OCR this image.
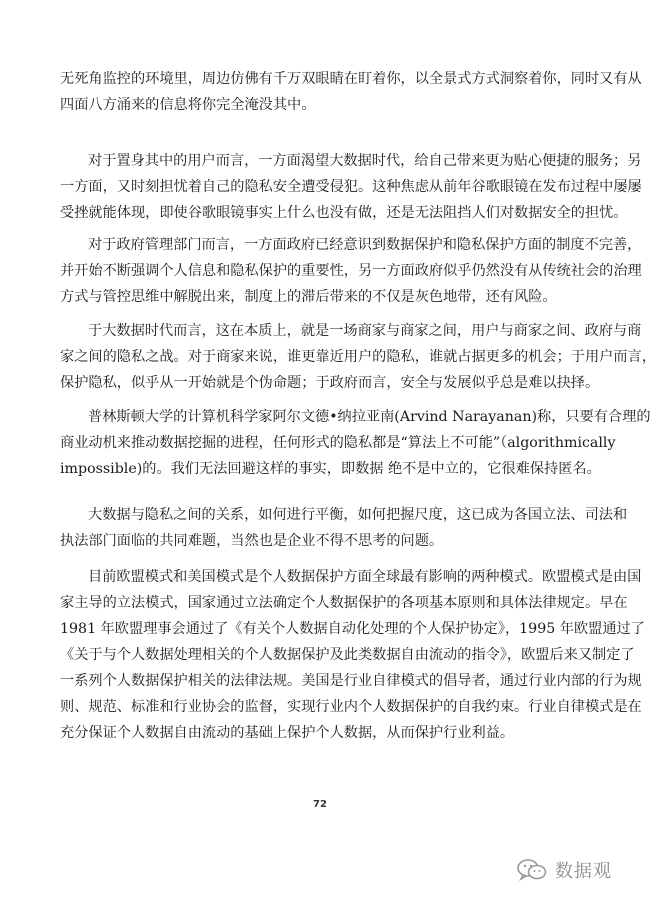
无死角监控的环境里，周边仿佛有千万双眼睛在盯着你，以全景式方式洞察着你，同时又有从
四面八方涌来的信息将你完全淹没其中。
对于置身其中的用户而言，一方面渴望大数据时代，给自己带来更为贴心便捷的服务；另
一方面，又时刻担忧着自己的隐私安全遭受侵犯。这种焦虑从前年谷歌眼镜在发布过程中屡屡
受挫就能体现，即使谷歌眼镜事实上什么也没有做，还是无法阻挡人们对数据安全的担忧。
对于政府管理部门而言，一方面政府已经意识到数据保护和隐私保护方面的制度不完善，
并开始不断强调个人信息和隐私保护的重要性，另一方面政府似乎仍然没有从传统社会的治理
方式与管控思维中解脱出来，制度上的滞后带来的不仅是灰色地带，还有风险。
于大数据时代而言，这在本质上，就是一场商家与商家之间，用户与商家之间、政府与商
家之间的隐私之战。对于商家来说，谁更靠近用户的隐私，谁就占据更多的机会；于用户而言，
保护隐私，似乎从一开始就是个伪命题；于政府而言，安全与发展似乎总是难以抉择。
普林斯顿大学的计算机科学家阿尔文德•纳拉亚南(Arvind Narayanan)称，只要有合理的
商业动机来推动数据挖掘的进程，任何形式的隐私都是“算法上不可能”（algorithmically
impossible)的。我们无法回避这样的事实，即数据 绝不是中立的，它很难保持匿名。
大数据与隐私之间的关系，如何进行平衡，如何把握尺度，这已成为各国立法、司法和
执法部门面临的共同难题，当然也是企业不得不思考的问题。
目前欧盟模式和美国模式是个人数据保护方面全球最有影响的两种模式。欧盟模式是由国
家主导的立法模式，国家通过立法确定个人数据保护的各项基本原则和具体法律规定。早在
1981 年欧盟理事会通过了《有关个人数据自动化处理的个人保护协定》，1995 年欧盟通过了
《关于与个人数据处理相关的个人数据保护及此类数据自由流动的指令》，欧盟后来又制定了
一系列个人数据保护相关的法律法规。美国是行业自律模式的倡导者，通过行业内部的行为规
则、规范、标准和行业协会的监督，实现行业内个人数据保护的自我约束。行业自律模式是在
充分保证个人数据自由流动的基础上保护个人数据，从而保护行业利益。
72
数据观
